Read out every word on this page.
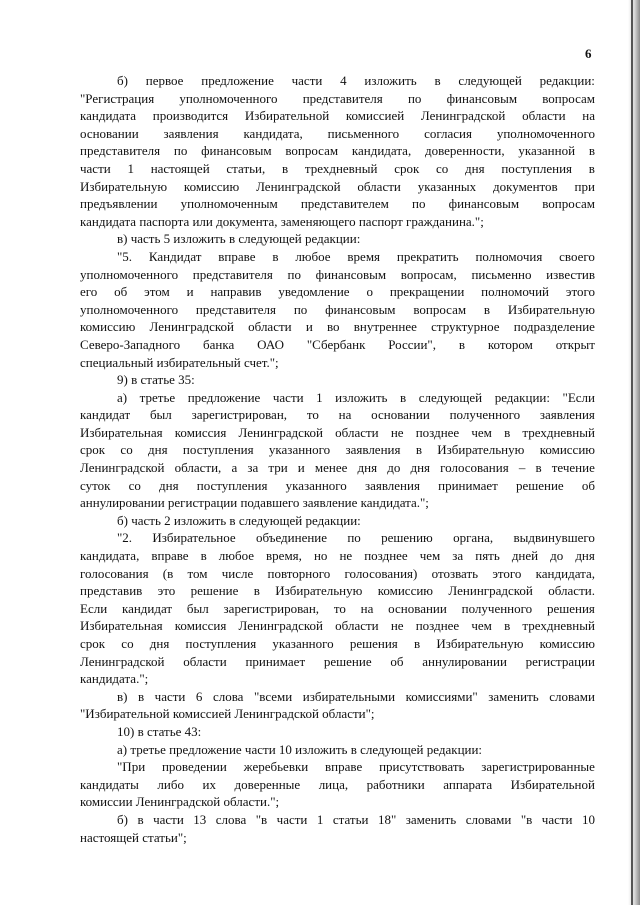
6
б) первое предложение части 4 изложить в следующей редакции:
"Регистрация уполномоченного представителя по финансовым вопросам
кандидата производится Избирательной комиссией Ленинградской области на
основании заявления кандидата, письменного согласия уполномоченного
представителя по финансовым вопросам кандидата, доверенности, указанной в
части 1 настоящей статьи, в трехдневный срок со дня поступления в
Избирательную комиссию Ленинградской области указанных документов при
предъявлении уполномоченным представителем по финансовым вопросам
кандидата паспорта или документа, заменяющего паспорт гражданина.";
в) часть 5 изложить в следующей редакции:
"5. Кандидат вправе в любое время прекратить полномочия своего
уполномоченного представителя по финансовым вопросам, письменно известив
его об этом и направив уведомление о прекращении полномочий этого
уполномоченного представителя по финансовым вопросам в Избирательную
комиссию Ленинградской области и во внутреннее структурное подразделение
Северо-Западного банка ОАО "Сбербанк России", в котором открыт
специальный избирательный счет.";
9) в статье 35:
а) третье предложение части 1 изложить в следующей редакции: "Если
кандидат был зарегистрирован, то на основании полученного заявления
Избирательная комиссия Ленинградской области не позднее чем в трехдневный
срок со дня поступления указанного заявления в Избирательную комиссию
Ленинградской области, а за три и менее дня до дня голосования – в течение
суток со дня поступления указанного заявления принимает решение об
аннулировании регистрации подавшего заявление кандидата.";
б) часть 2 изложить в следующей редакции:
"2. Избирательное объединение по решению органа, выдвинувшего
кандидата, вправе в любое время, но не позднее чем за пять дней до дня
голосования (в том числе повторного голосования) отозвать этого кандидата,
представив это решение в Избирательную комиссию Ленинградской области.
Если кандидат был зарегистрирован, то на основании полученного решения
Избирательная комиссия Ленинградской области не позднее чем в трехдневный
срок со дня поступления указанного решения в Избирательную комиссию
Ленинградской области принимает решение об аннулировании регистрации
кандидата.";
в) в части 6 слова "всеми избирательными комиссиями" заменить словами
"Избирательной комиссией Ленинградской области";
10) в статье 43:
а) третье предложение части 10 изложить в следующей редакции:
"При проведении жеребьевки вправе присутствовать зарегистрированные
кандидаты либо их доверенные лица, работники аппарата Избирательной
комиссии Ленинградской области.";
б) в части 13 слова "в части 1 статьи 18" заменить словами "в части 10
настоящей статьи";
